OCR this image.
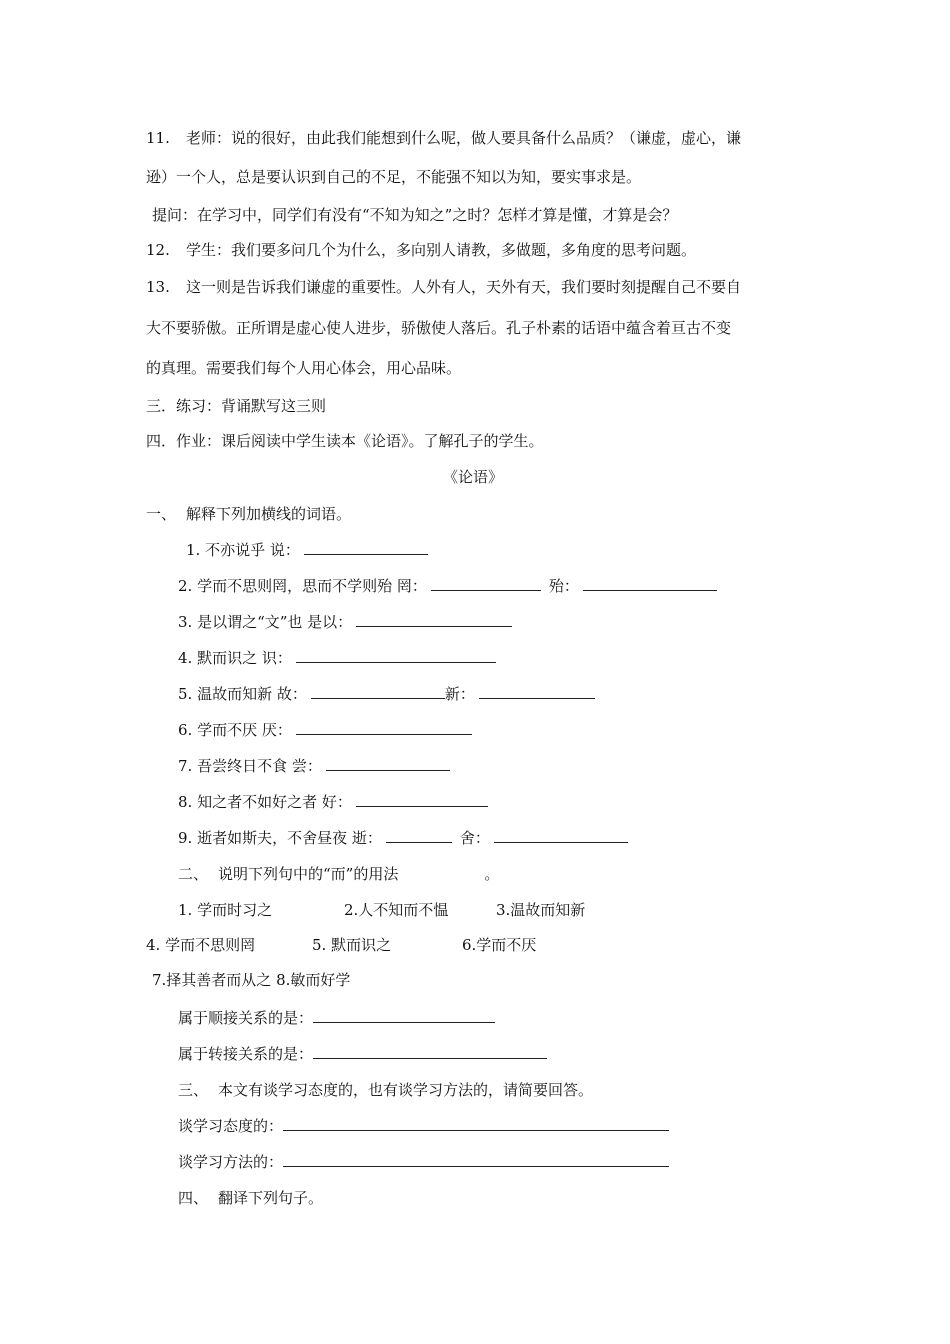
11. 老师：说的很好，由此我们能想到什么呢，做人要具备什么品质？（谦虚，虚心，谦
逊）一个人，总是要认识到自己的不足，不能强不知以为知，要实事求是。
提问：在学习中，同学们有没有“不知为知之”之时？怎样才算是懂，才算是会？
12. 学生：我们要多问几个为什么，多向别人请教，多做题，多角度的思考问题。
13. 这一则是告诉我们谦虚的重要性。人外有人，天外有天，我们要时刻提醒自己不要自
大不要骄傲。正所谓是虚心使人进步，骄傲使人落后。孔子朴素的话语中蕴含着亘古不变
的真理。需要我们每个人用心体会，用心品味。
三．练习：背诵默写这三则
四．作业：课后阅读中学生读本《论语》。了解孔子的学生。
《论语》
一、 解释下列加横线的词语。
1. 不亦说乎 说：
2. 学而不思则罔，思而不学则殆 罔：	殆：
3. 是以谓之“文”也 是以：
4. 默而识之 识：
5. 温故而知新 故：	新：
6. 学而不厌 厌：
7. 吾尝终日不食 尝：
8. 知之者不如好之者 好：
9. 逝者如斯夫，不舍昼夜 逝：	舍：
二、 说明下列句中的“而”的用法	。
1. 学而时习之	2.人不知而不愠	3.温故而知新
4. 学而不思则罔	5. 默而识之	6.学而不厌
7.择其善者而从之 8.敏而好学
属于顺接关系的是：
属于转接关系的是：
三、 本文有谈学习态度的，也有谈学习方法的，请简要回答。
谈学习态度的：
谈学习方法的：
四、 翻译下列句子。
